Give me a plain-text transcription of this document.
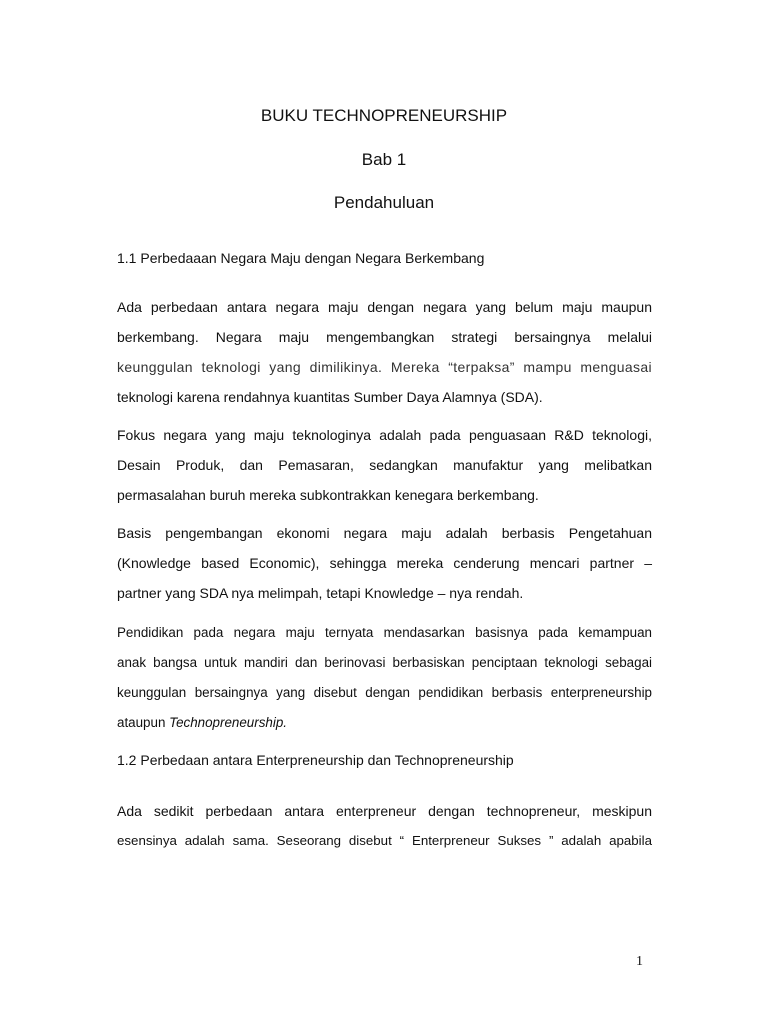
BUKU TECHNOPRENEURSHIP
Bab 1
Pendahuluan
1.1 Perbedaaan Negara Maju dengan Negara Berkembang
Ada perbedaan antara negara maju dengan negara yang belum maju maupun
berkembang. Negara maju mengembangkan strategi bersaingnya melalui
keunggulan teknologi yang dimilikinya. Mereka “terpaksa” mampu menguasai
teknologi karena rendahnya kuantitas Sumber Daya Alamnya (SDA).
Fokus negara yang maju teknologinya adalah pada penguasaan R&D teknologi,
Desain Produk, dan Pemasaran, sedangkan manufaktur yang melibatkan
permasalahan buruh mereka subkontrakkan kenegara berkembang.
Basis pengembangan ekonomi negara maju adalah berbasis Pengetahuan
(Knowledge based Economic), sehingga mereka cenderung mencari partner –
partner yang SDA nya melimpah, tetapi Knowledge – nya rendah.
Pendidikan pada negara maju ternyata mendasarkan basisnya pada kemampuan
anak bangsa untuk mandiri dan berinovasi berbasiskan penciptaan teknologi sebagai
keunggulan bersaingnya yang disebut dengan pendidikan berbasis enterpreneurship
ataupun Technopreneurship.
1.2 Perbedaan antara Enterpreneurship dan Technopreneurship
Ada sedikit perbedaan antara enterpreneur dengan technopreneur, meskipun
esensinya adalah sama. Seseorang disebut “ Enterpreneur Sukses ” adalah apabila
1
